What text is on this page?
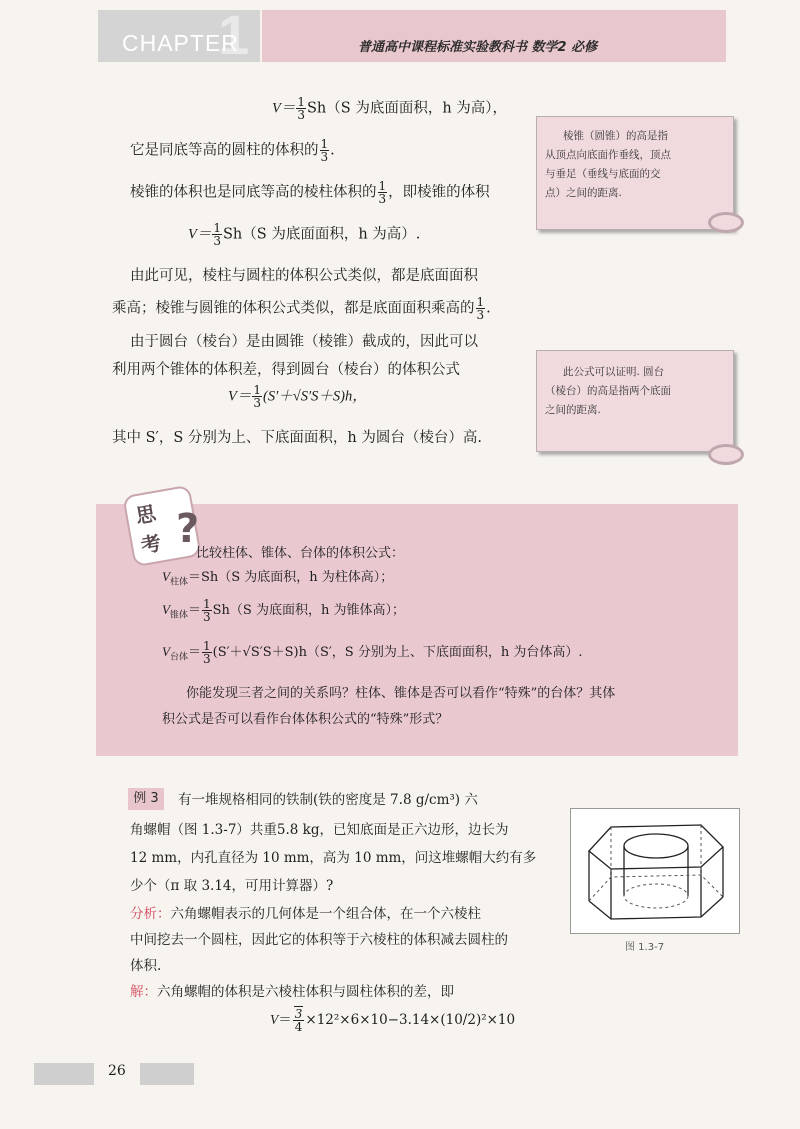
1
CHAPTER	普通高中课程标准实验教科书 数学2 必修
$V= \frac{1}{3} Sh(S$ 为底面面积，h 为高），
它是同底等高的圆柱的体积的 $\frac{1}{3}$ .
棱锥的体积也是同底等高的棱柱体积的 $\frac{1}{3}$ ，即棱锥的体积
$V= \frac{1}{3} Sh(S$ 为底面面积，h 为高）.
由此可见，棱柱与圆柱的体积公式类似，都是底面面积
乘高；棱锥与圆锥的体积公式类似，都是底面面积乘高的 $\frac{1}{3}$ .
由于圆台（棱台）是由圆锥（棱锥）截成的，因此可以
利用两个锥体的体积差，得到圆台（棱台）的体积公式
$V= \frac{1}{3} (S'+√S'S+S)h$，
其中 S′，S 分别为上、下底面面积，h 为圆台（棱台）高.
棱锥（圆锥）的高是指
从顶点向底面作垂线，顶点
与垂足（垂线与底面的交
点）之间的距离.
此公式可以证明. 圆台
（棱台）的高是指两个底面
之间的距离.
思
考 ?
比较柱体、锥体、台体的体积公式：
$V_{柱体}=Sh(S$ 为底面积，h 为柱体高）；
$V_{锥体}= \frac{1}{3} Sh(S$ 为底面积，h 为锥体高）；
$V_{台体}= \frac{1}{3} (S'+√S'S+S)h(S'$，S 分别为上、下底面面积，h 为台体高）.
你能发现三者之间的关系吗？柱体、锥体是否可以看作“特殊”的台体？其体
积公式是否可以看作台体体积公式的“特殊”形式？
例 3	有一堆规格相同的铁制(铁的密度是 7.8 g/cm³) 六
角螺帽（图 1.3-7）共重5.8 kg，已知底面是正六边形，边长为
12 mm，内孔直径为 10 mm，高为 10 mm，问这堆螺帽大约有多
少个（π 取 3.14，可用计算器）?
分析：六角螺帽表示的几何体是一个组合体，在一个六棱柱
中间挖去一个圆柱，因此它的体积等于六棱柱的体积减去圆柱的
体积.
解：六角螺帽的体积是六棱柱体积与圆柱体积的差，即
$V= \frac{3}{4} \times 12^2\times 6\times 10-3.14\times(10/2)^2\times 10$
图 1.3-7
26
